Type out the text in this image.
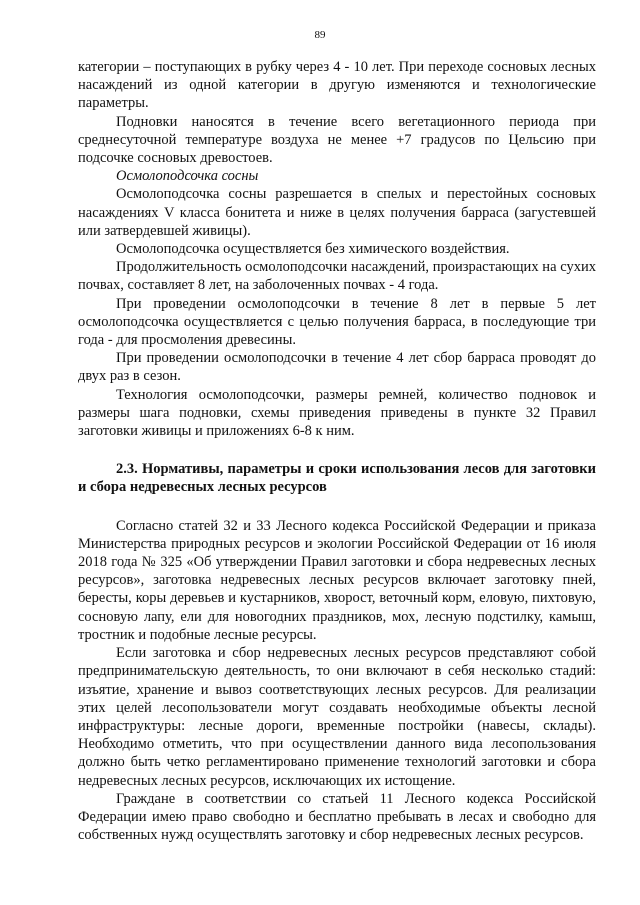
89

категории – поступающих в рубку через 4 - 10 лет. При переходе сосновых лесных насаждений из одной категории в другую изменяются и технологические параметры.

Подновки наносятся в течение всего вегетационного периода при среднесуточной температуре воздуха не менее +7 градусов по Цельсию при подсочке сосновых древостоев.

Осмолоподсочка сосны

Осмолоподсочка сосны разрешается в спелых и перестойных сосновых насаждениях V класса бонитета и ниже в целях получения барраса (загустевшей или затвердевшей живицы).

Осмолоподсочка осуществляется без химического воздействия.

Продолжительность осмолоподсочки насаждений, произрастающих на сухих почвах, составляет 8 лет, на заболоченных почвах - 4 года.

При проведении осмолоподсочки в течение 8 лет в первые 5 лет осмолоподсочка осуществляется с целью получения барраса, в последующие три года - для просмоления древесины.

При проведении осмолоподсочки в течение 4 лет сбор барраса проводят до двух раз в сезон.

Технология осмолоподсочки, размеры ремней, количество подновок и размеры шага подновки, схемы приведения приведены в пункте 32 Правил заготовки живицы и приложениях 6-8 к ним.

2.3. Нормативы, параметры и сроки использования лесов для заготовки и сбора недревесных лесных ресурсов

Согласно статей 32 и 33 Лесного кодекса Российской Федерации и приказа Министерства природных ресурсов и экологии Российской Федерации от 16 июля 2018 года № 325 «Об утверждении Правил заготовки и сбора недревесных лесных ресурсов», заготовка недревесных лесных ресурсов включает заготовку пней, бересты, коры деревьев и кустарников, хворост, веточный корм, еловую, пихтовую, сосновую лапу, ели для новогодних праздников, мох, лесную подстилку, камыш, тростник и подобные лесные ресурсы.

Если заготовка и сбор недревесных лесных ресурсов представляют собой предпринимательскую деятельность, то они включают в себя несколько стадий: изъятие, хранение и вывоз соответствующих лесных ресурсов. Для реализации этих целей лесопользователи могут создавать необходимые объекты лесной инфраструктуры: лесные дороги, временные постройки (навесы, склады). Необходимо отметить, что при осуществлении данного вида лесопользования должно быть четко регламентировано применение технологий заготовки и сбора недревесных лесных ресурсов, исключающих их истощение.

Граждане в соответствии со статьей 11 Лесного кодекса Российской Федерации имею право свободно и бесплатно пребывать в лесах и свободно для собственных нужд осуществлять заготовку и сбор недревесных лесных ресурсов.
